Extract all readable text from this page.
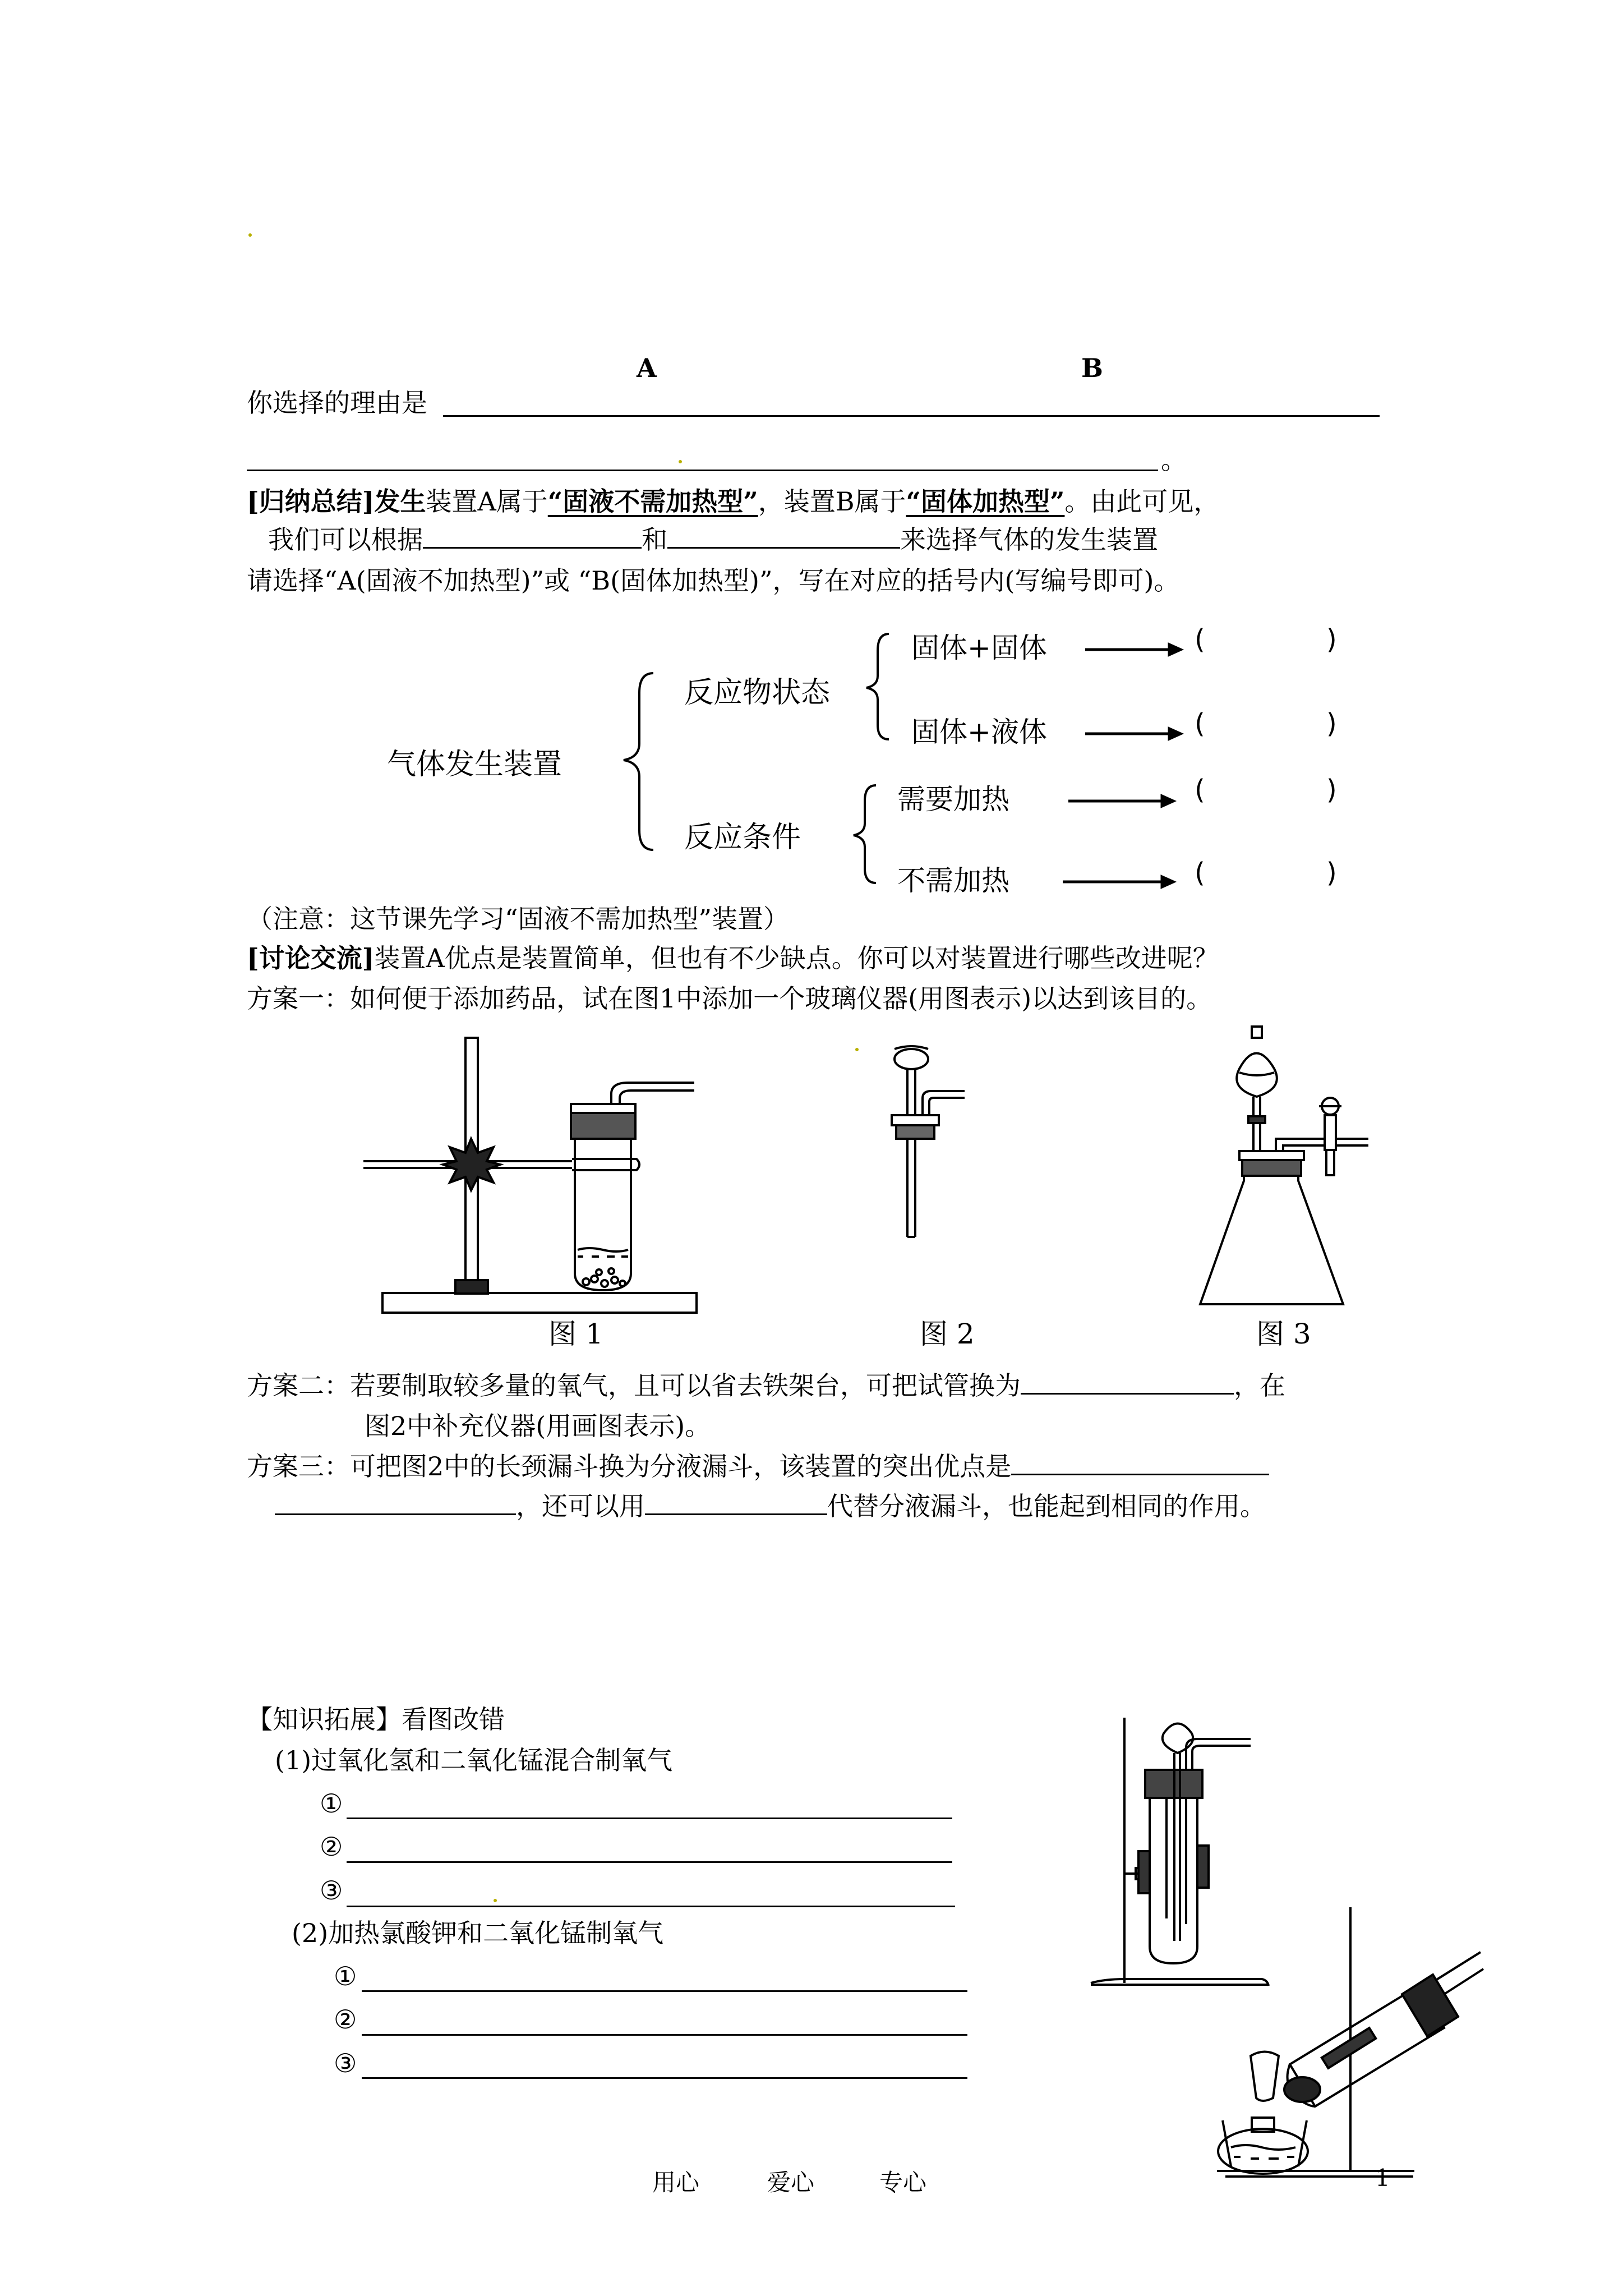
A	B
你选择的理由是
。
[归纳总结]发生装置A属于“固液不需加热型”，装置B属于“固体加热型”。由此可见，
我们可以根据	和	来选择气体的发生装置
请选择“A(固液不加热型)”或 “B(固体加热型)”，写在对应的括号内(写编号即可)。
气体发生装置
反应物状态
反应条件
固体+固体
固体+液体
需要加热
不需加热
(	)
(	)
(	)
(	)
（注意：这节课先学习“固液不需加热型”装置）
[讨论交流]装置A优点是装置简单，但也有不少缺点。你可以对装置进行哪些改进呢？
方案一：如何便于添加药品，试在图1中添加一个玻璃仪器(用图表示)以达到该目的。
图 1	图 2	图 3
方案二：若要制取较多量的氧气，且可以省去铁架台，可把试管换为	，在
图2中补充仪器(用画图表示)。
方案三：可把图2中的长颈漏斗换为分液漏斗，该装置的突出优点是
，还可以用	代替分液漏斗，也能起到相同的作用。
【知识拓展】看图改错
(1)过氧化氢和二氧化锰混合制氧气
①
②
③
(2)加热氯酸钾和二氧化锰制氧气
①
②
③
用心	爱心	专心	1
